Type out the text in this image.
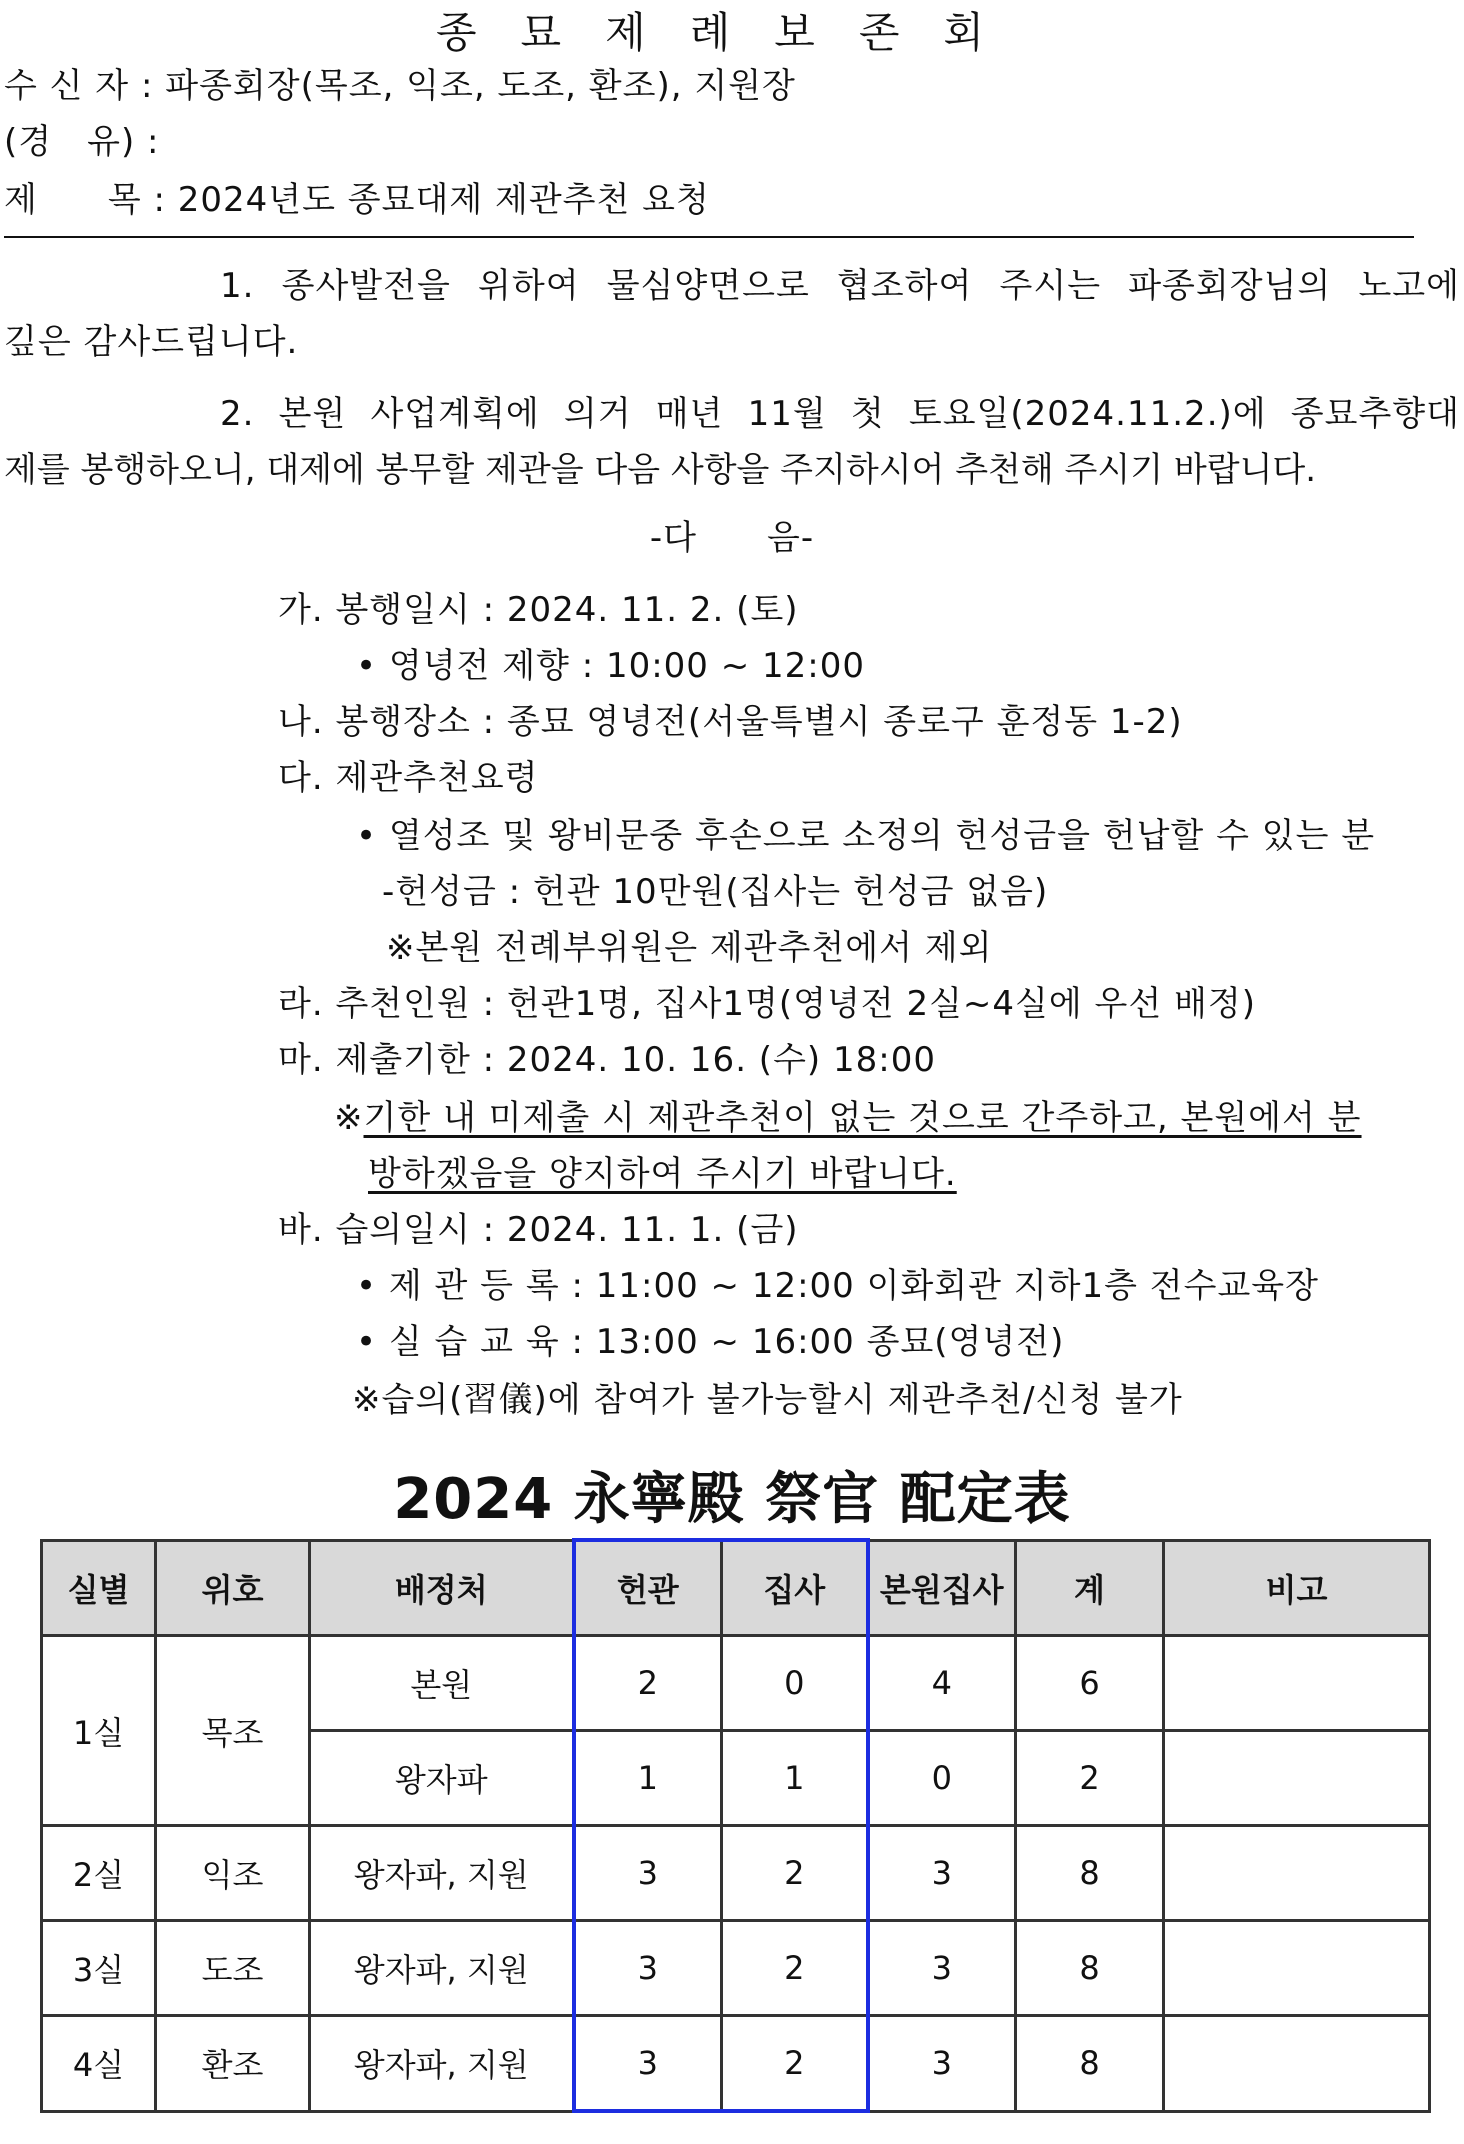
종묘제례보존회
수 신 자 : 파종회장(목조, 익조, 도조, 환조), 지원장
(경　유) :
제　　목 : 2024년도 종묘대제 제관추천 요청
1. 종사발전을 위하여 물심양면으로 협조하여 주시는 파종회장님의 노고에
깊은 감사드립니다.
2. 본원 사업계획에 의거 매년 11월 첫 토요일(2024.11.2.)에 종묘추향대
제를 봉행하오니, 대제에 봉무할 제관을 다음 사항을 주지하시어 추천해 주시기 바랍니다.
-다　　음-
가. 봉행일시 : 2024. 11. 2. (토)
• 영녕전 제향 : 10:00 ~ 12:00
나. 봉행장소 : 종묘 영녕전(서울특별시 종로구 훈정동 1-2)
다. 제관추천요령
• 열성조 및 왕비문중 후손으로 소정의 헌성금을 헌납할 수 있는 분
-헌성금 : 헌관 10만원(집사는 헌성금 없음)
※본원 전례부위원은 제관추천에서 제외
라. 추천인원 : 헌관1명, 집사1명(영녕전 2실~4실에 우선 배정)
마. 제출기한 : 2024. 10. 16. (수) 18:00
※기한 내 미제출 시 제관추천이 없는 것으로 간주하고, 본원에서 분
방하겠음을 양지하여 주시기 바랍니다.
바. 습의일시 : 2024. 11. 1. (금)
• 제 관 등 록 : 11:00 ~ 12:00 이화회관 지하1층 전수교육장
• 실 습 교 육 : 13:00 ~ 16:00 종묘(영녕전)
※습의(習儀)에 참여가 불가능할시 제관추천/신청 불가
2024 永寧殿 祭官 配定表
실별	위호	배정처	헌관	집사	본원집사	계	비고
1실	목조	본원	2	0	4	6	
		왕자파	1	1	0	2	
2실	익조	왕자파, 지원	3	2	3	8	
3실	도조	왕자파, 지원	3	2	3	8	
4실	환조	왕자파, 지원	3	2	3	8	
